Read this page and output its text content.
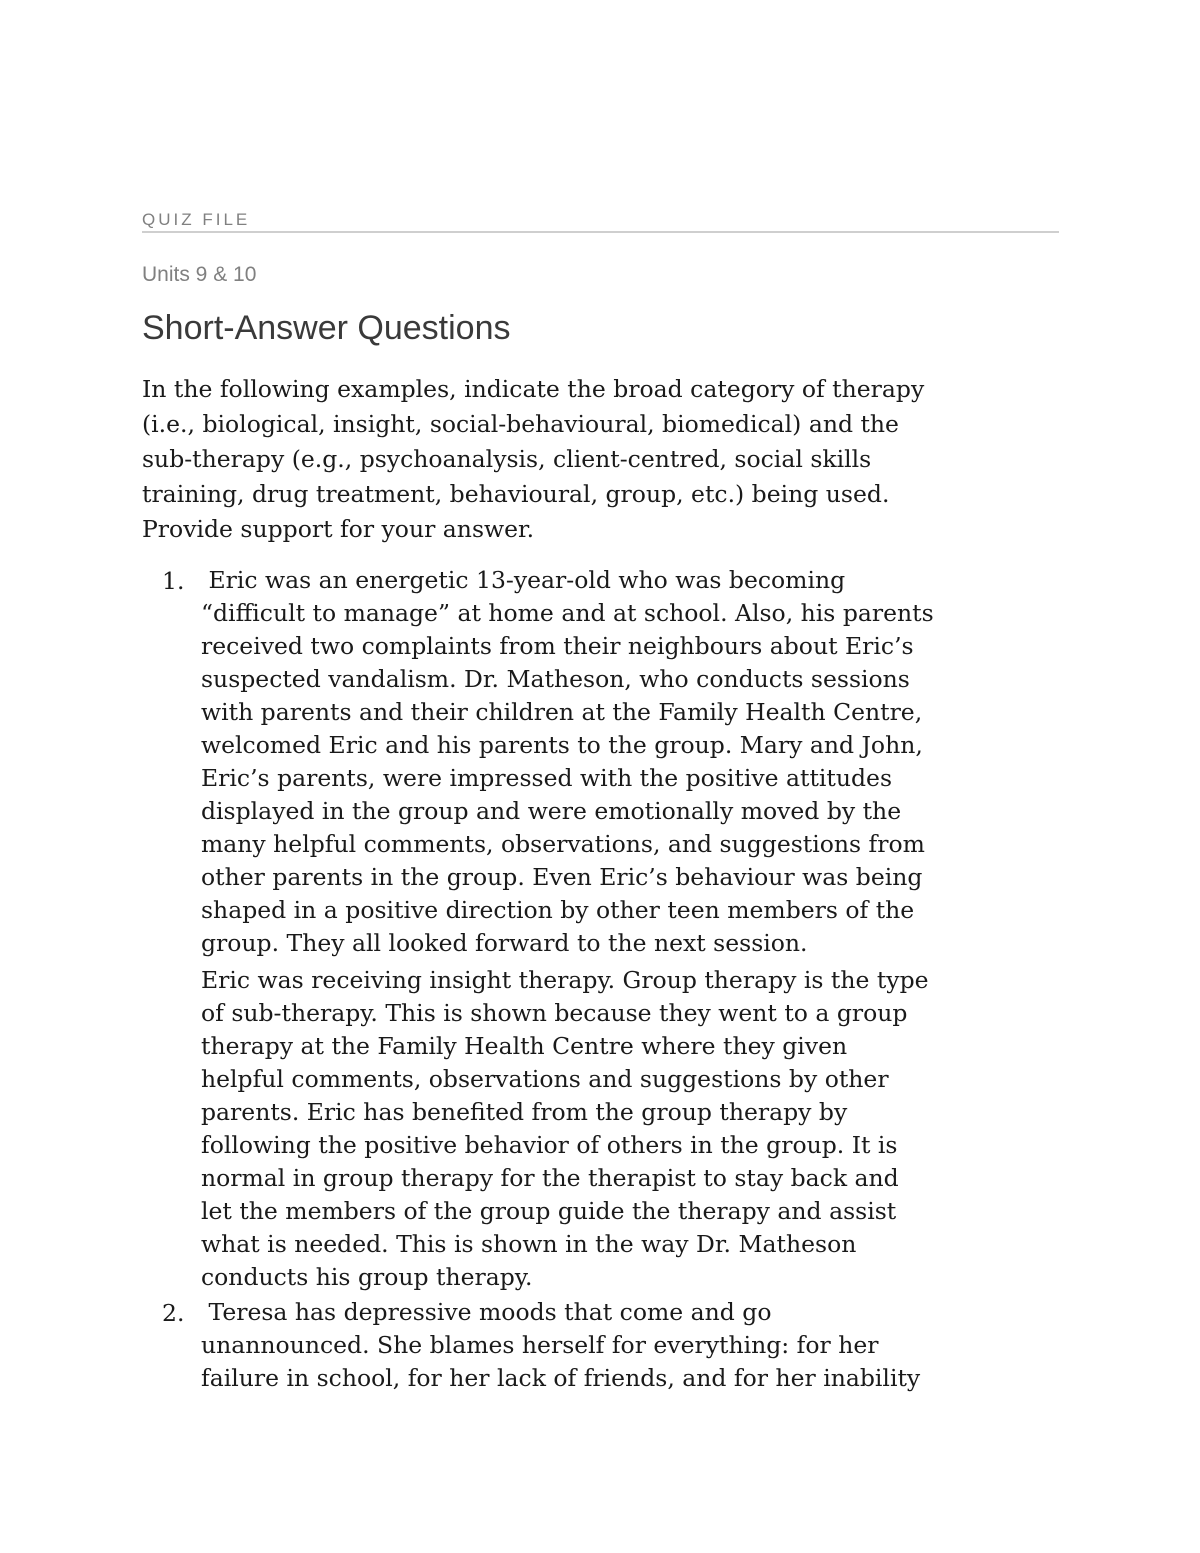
QUIZ FILE
Units 9 & 10
Short-Answer Questions

In the following examples, indicate the broad category of therapy
(i.e., biological, insight, social-behavioural, biomedical) and the
sub-therapy (e.g., psychoanalysis, client-centred, social skills
training, drug treatment, behavioural, group, etc.) being used.
Provide support for your answer.

1. Eric was an energetic 13-year-old who was becoming
“difficult to manage” at home and at school. Also, his parents
received two complaints from their neighbours about Eric’s
suspected vandalism. Dr. Matheson, who conducts sessions
with parents and their children at the Family Health Centre,
welcomed Eric and his parents to the group. Mary and John,
Eric’s parents, were impressed with the positive attitudes
displayed in the group and were emotionally moved by the
many helpful comments, observations, and suggestions from
other parents in the group. Even Eric’s behaviour was being
shaped in a positive direction by other teen members of the
group. They all looked forward to the next session.

Eric was receiving insight therapy. Group therapy is the type
of sub-therapy. This is shown because they went to a group
therapy at the Family Health Centre where they given
helpful comments, observations and suggestions by other
parents. Eric has benefited from the group therapy by
following the positive behavior of others in the group. It is
normal in group therapy for the therapist to stay back and
let the members of the group guide the therapy and assist
what is needed. This is shown in the way Dr. Matheson
conducts his group therapy.

2. Teresa has depressive moods that come and go
unannounced. She blames herself for everything: for her
failure in school, for her lack of friends, and for her inability
